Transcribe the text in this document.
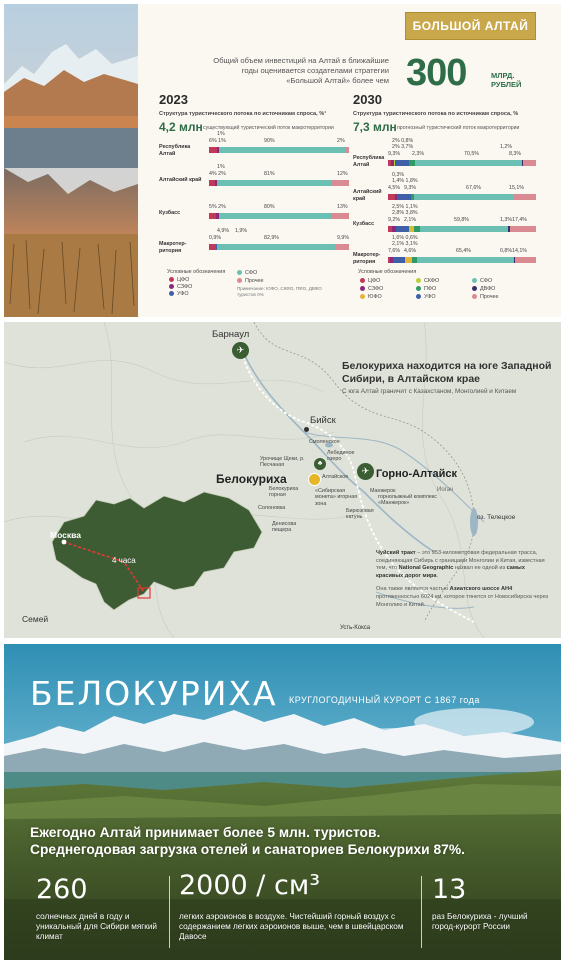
БОЛЬШОЙ АЛТАЙ
Общий объем инвестиций на Алтай в ближайшие годы оценивается создателами стратегии «Большой Алтай» более чем 300	МЛРД.
РУБЛЕЙ
2023
Структура туристического потока по источникам спроса, %¹
4,2 млн существующий туристический поток макротерритории
Условные обозначения
Примечание: ЮФО, СКФО, ПФО, ДВФО туристов 0%
2030
Структура туристического потока по источникам спроса, %
7,3 млн прогнозный туристический поток макротерритории
Условные обозначения
Республика Алтай
1%
6% 1%	90%	2%
Алтайский край
1%
4% 2%	81%	12%
Кузбасс
5% 2%	80%	13%
Макротер-ритория
4,9% 1,9%
0,9%	82,9%	9,9%
Республика Алтай
2% 0,8%
2% 3,7%	1,2%
9,3% 2,3%	70,5%	8,3%
Алтайский край
0,3%
1,4% 1,8%
4,5% 9,3%	67,6%	15,1%
Кузбасс
2,5% 1,1%
2,8% 3,8%
9,2% 2,1%	59,8%	1,3% 17,4%
Макротер-ритория
1,6% 0,6%
2,1% 3,1%
7,6% 4,6%	65,4%	0,8% 14,1%
ЦФО
СЗФО
УФО
СФО
Прочее	ЦФО	СКФО	СФО
СЗФО	ПФО	ДВФО
ЮФО	УФО	Прочее
Белокуриха находится на юге Западной Сибири, в Алтайском крае
С юга Алтай граничит с Казахстаном, Монголией и Китаем
✈
Барнаул
Бийск
Смоленское
Лебединое озеро
Урочище Щеки, р. Песчаная	♣
Алтайское
✈ Горно-Алтайск
Белокуриха
Белокуриха горная
«Сибирская монета» игорная зона
Солоновка	Бирюзовая катунь
Манжерок
горнолыжный комплекс «Манжерок»
Денисова пещера
оз. Телецкое
Иогач
Москва
4 часа
Семей
Усть-Кокса
Чуйский тракт – это 953-километровая федеральная трасса, соединяющая Сибирь с границами Монголии и Китая, известная тем, что National Geographic назвал ее одной из самых красивых дорог мира.
Она также является частью Азиатского шоссе АН4 протяженностью 6024 км, которое тянется от Новосибирска через Монголию и Китай.
БЕЛОКУРИХА КРУГЛОГОДИЧНЫЙ КУРОРТ С 1867 года
Ежегодно Алтай принимает более 5 млн. туристов.
Среднегодовая загрузка отелей и санаториев Белокурихи 87%.
260
солнечных дней в году и уникальный для Сибири мягкий климат
2000 / см³
легких аэроионов в воздухе. Чистейший горный воздух с содержанием легких аэроионов выше, чем в швейцарском Давосе
13
раз Белокуриха - лучший город-курорт России
